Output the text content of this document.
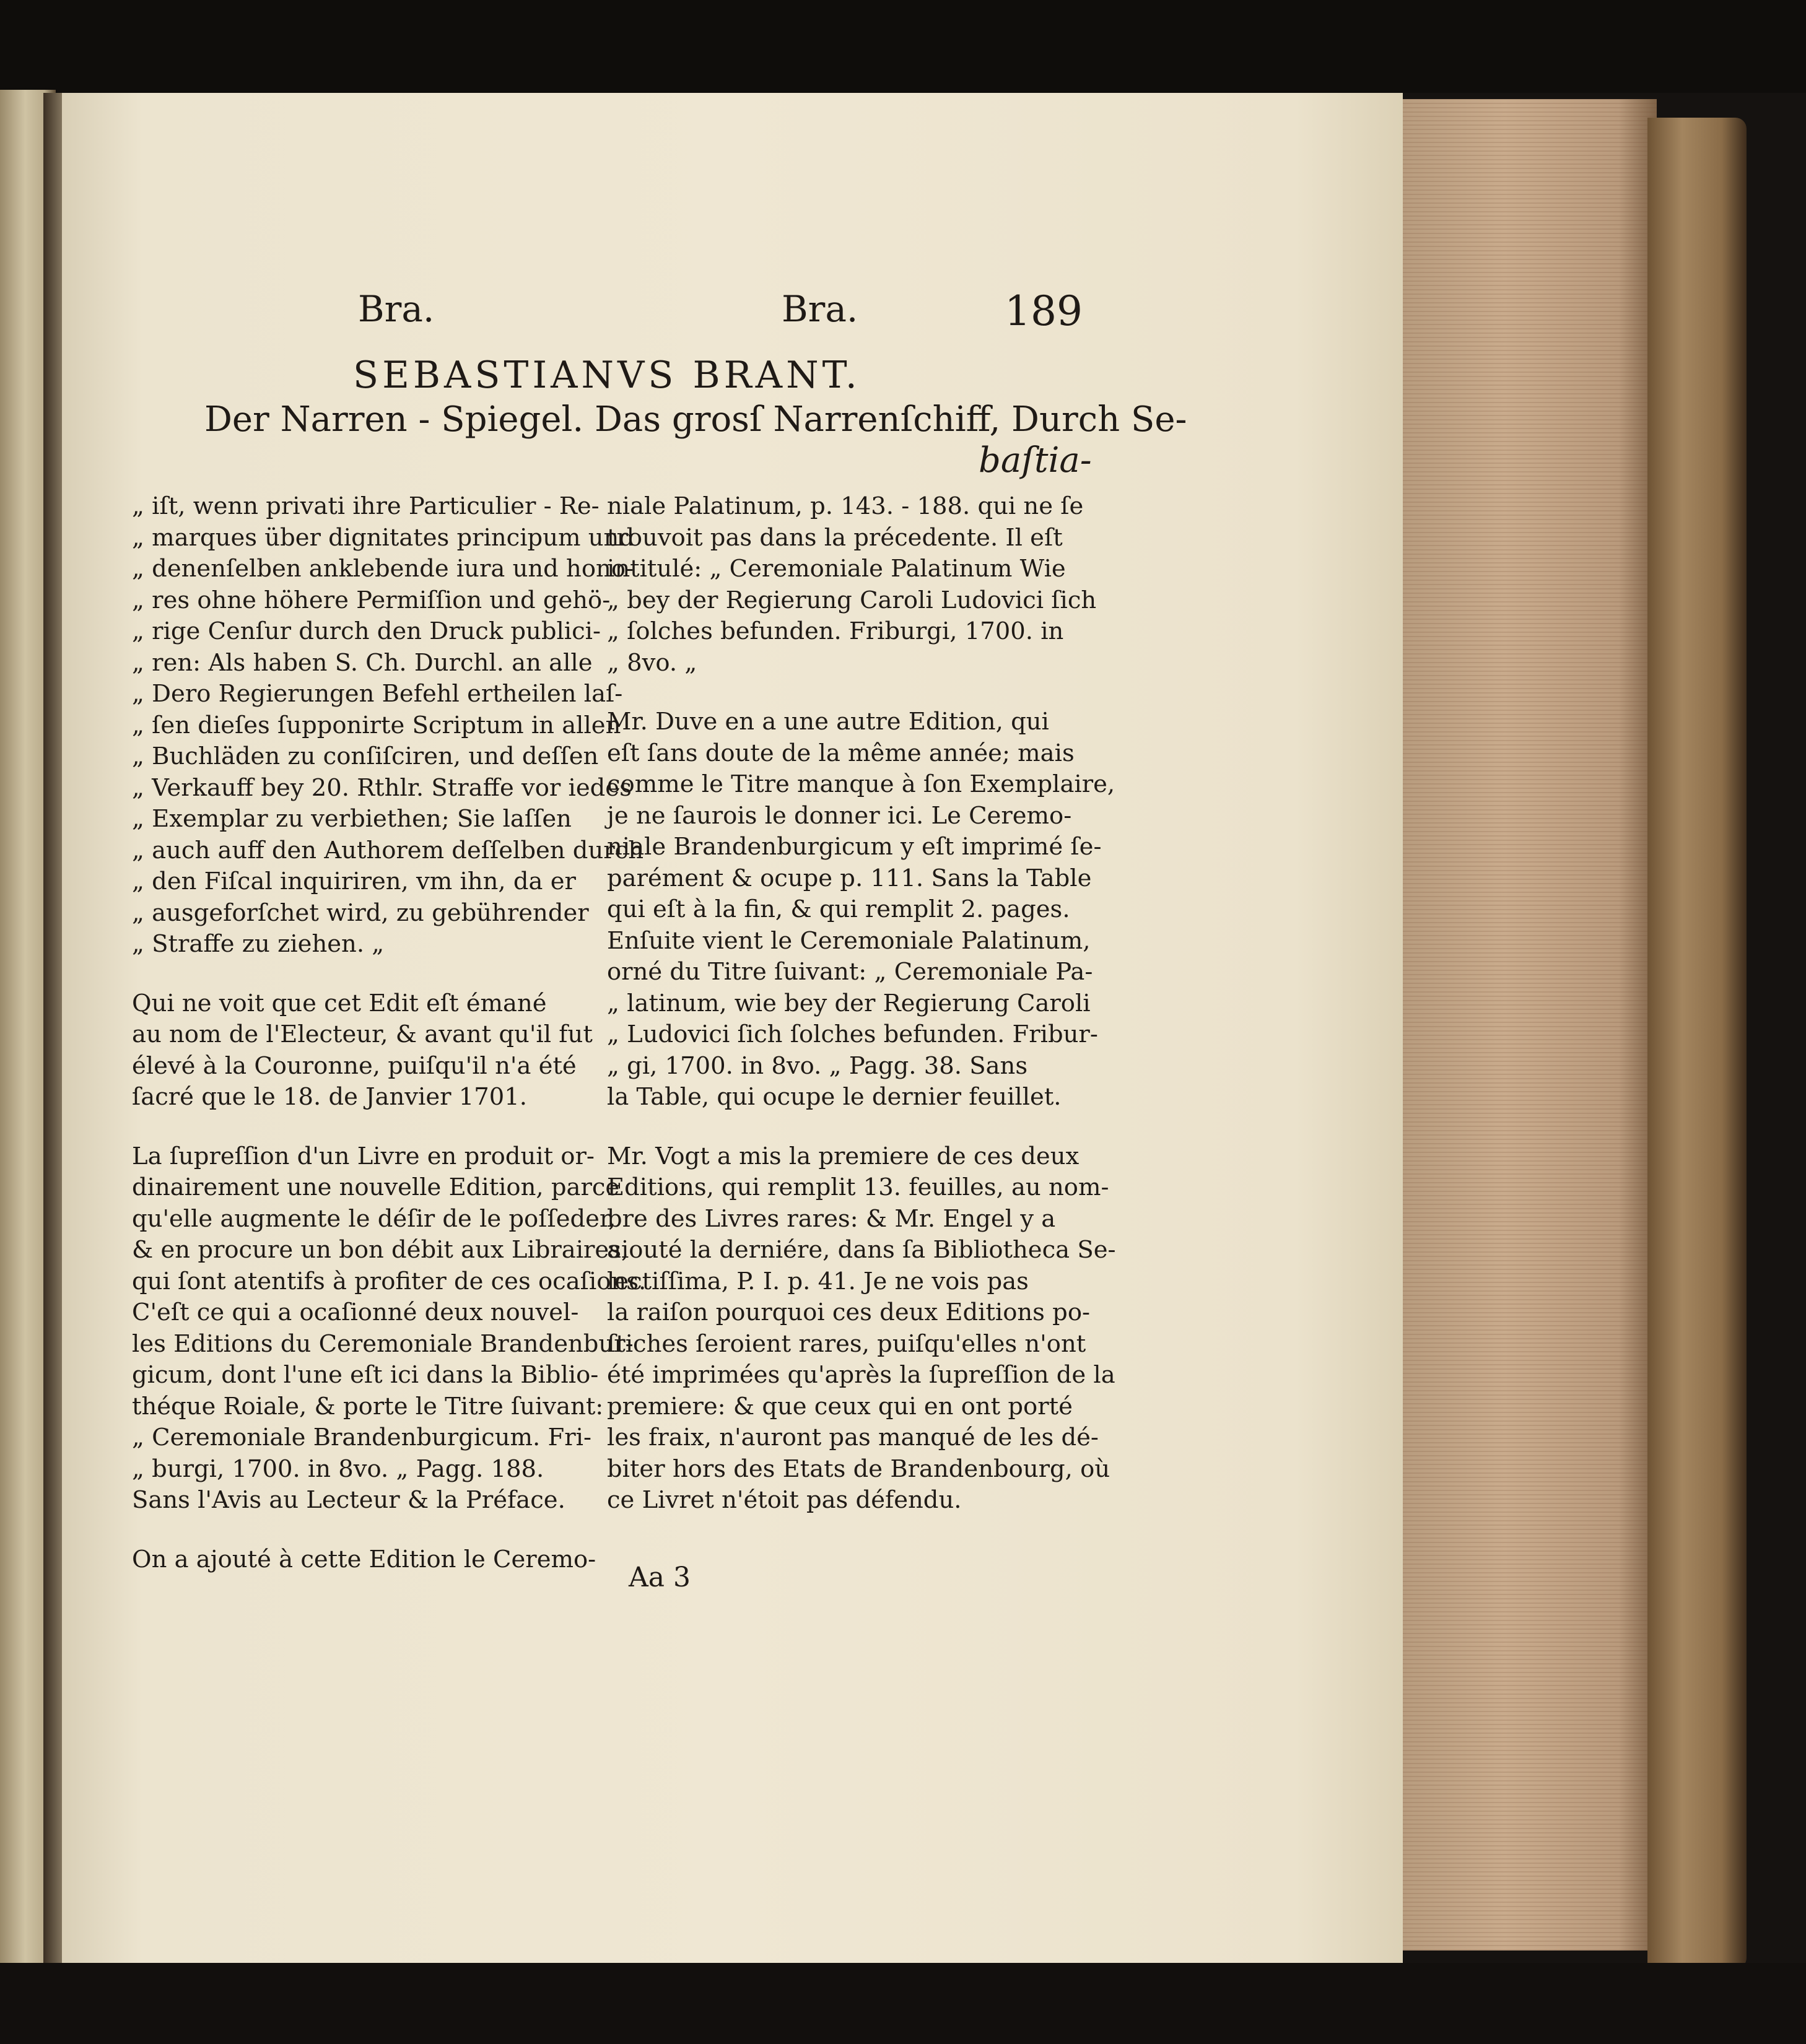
Bra.	Bra.	189
SEBASTIANVS BRANT.
Der Narren - Spiegel. Das grosſ Narrenſchiff, Durch Se-
baſtia-
„ iſt, wenn privati ihre Particulier - Re-
„ marques über dignitates principum und
„ denenſelben anklebende iura und hono-
„ res ohne höhere Permiſſion und gehö-
„ rige Cenſur durch den Druck publici-
„ ren: Als haben S. Ch. Durchl. an alle
„ Dero Regierungen Befehl ertheilen laſ-
„ ſen dieſes ſupponirte Scriptum in allen
„ Buchläden zu conſiſciren, und deſſen
„ Verkauff bey 20. Rthlr. Straffe vor iedes
„ Exemplar zu verbiethen; Sie laſſen
„ auch auff den Authorem deſſelben durch
„ den Fiſcal inquiriren, vm ihn, da er
„ ausgeforſchet wird, zu gebührender
„ Straffe zu ziehen. „
Qui ne voit que cet Edit eſt émané
au nom de l'Electeur, & avant qu'il fut
élevé à la Couronne, puiſqu'il n'a été
ſacré que le 18. de Janvier 1701.
La ſupreſſion d'un Livre en produit or-
dinairement une nouvelle Edition, parce
qu'elle augmente le déſir de le poſſeder,
& en procure un bon débit aux Libraires,
qui ſont atentifs à profiter de ces ocaſions.
C'eſt ce qui a ocaſionné deux nouvel-
les Editions du Ceremoniale Brandenbur-
gicum, dont l'une eſt ici dans la Biblio-
théque Roiale, & porte le Titre ſuivant:
„ Ceremoniale Brandenburgicum. Fri-
„ burgi, 1700. in 8vo. „ Pagg. 188.
Sans l'Avis au Lecteur & la Préface.
On a ajouté à cette Edition le Ceremo-
niale Palatinum, p. 143. - 188. qui ne ſe
trouvoit pas dans la précedente. Il eſt
intitulé: „ Ceremoniale Palatinum Wie
„ bey der Regierung Caroli Ludovici ſich
„ ſolches befunden. Friburgi, 1700. in
„ 8vo. „
Mr. Duve en a une autre Edition, qui
eſt ſans doute de la même année; mais
comme le Titre manque à ſon Exemplaire,
je ne ſaurois le donner ici. Le Ceremo-
niale Brandenburgicum y eſt imprimé ſe-
parément & ocupe p. 111. Sans la Table
qui eſt à la fin, & qui remplit 2. pages.
Enſuite vient le Ceremoniale Palatinum,
orné du Titre ſuivant: „ Ceremoniale Pa-
„ latinum, wie bey der Regierung Caroli
„ Ludovici ſich ſolches befunden. Fribur-
„ gi, 1700. in 8vo. „ Pagg. 38. Sans
la Table, qui ocupe le dernier feuillet.
Mr. Vogt a mis la premiere de ces deux
Editions, qui remplit 13. feuilles, au nom-
bre des Livres rares: & Mr. Engel y a
aiouté la derniére, dans ſa Bibliotheca Se-
lectiſſima, P. I. p. 41. Je ne vois pas
la raiſon pourquoi ces deux Editions po-
ſtiches ſeroient rares, puiſqu'elles n'ont
été imprimées qu'après la ſupreſſion de la
premiere: & que ceux qui en ont porté
les fraix, n'auront pas manqué de les dé-
biter hors des Etats de Brandenbourg, où
ce Livret n'étoit pas défendu.
Aa 3
